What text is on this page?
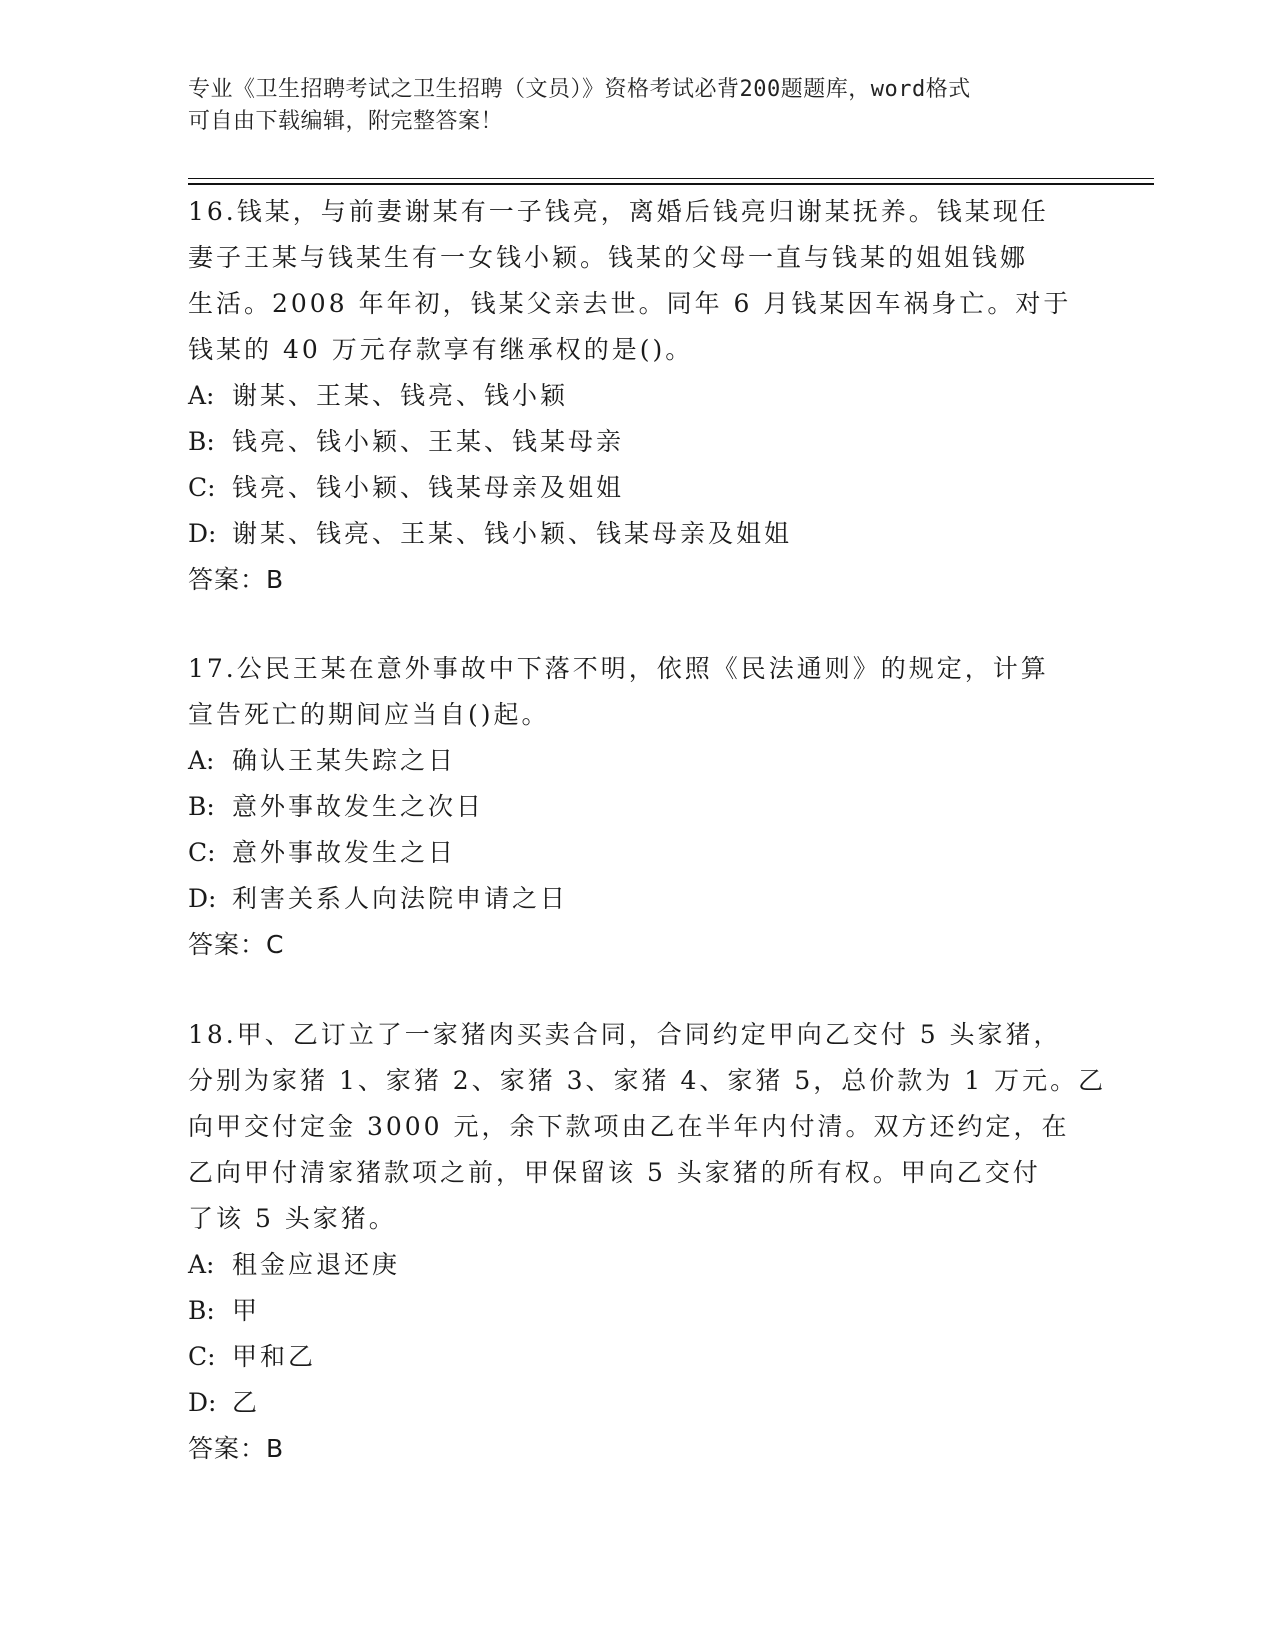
专业《卫生招聘考试之卫生招聘（文员）》资格考试必背200题题库，word格式
可自由下载编辑，附完整答案！
16.钱某，与前妻谢某有一子钱亮，离婚后钱亮归谢某抚养。钱某现任
妻子王某与钱某生有一女钱小颖。钱某的父母一直与钱某的姐姐钱娜
生活。2008 年年初，钱某父亲去世。同年 6 月钱某因车祸身亡。对于
钱某的 40 万元存款享有继承权的是()。
A: 谢某、王某、钱亮、钱小颖
B: 钱亮、钱小颖、王某、钱某母亲
C: 钱亮、钱小颖、钱某母亲及姐姐
D: 谢某、钱亮、王某、钱小颖、钱某母亲及姐姐
答案：B
17.公民王某在意外事故中下落不明，依照《民法通则》的规定，计算
宣告死亡的期间应当自()起。
A: 确认王某失踪之日
B: 意外事故发生之次日
C: 意外事故发生之日
D: 利害关系人向法院申请之日
答案：C
18.甲、乙订立了一家猪肉买卖合同，合同约定甲向乙交付 5 头家猪，
分别为家猪 1、家猪 2、家猪 3、家猪 4、家猪 5，总价款为 1 万元。乙
向甲交付定金 3000 元，余下款项由乙在半年内付清。双方还约定，在
乙向甲付清家猪款项之前，甲保留该 5 头家猪的所有权。甲向乙交付
了该 5 头家猪。
A: 租金应退还庚
B: 甲
C: 甲和乙
D: 乙
答案：B
